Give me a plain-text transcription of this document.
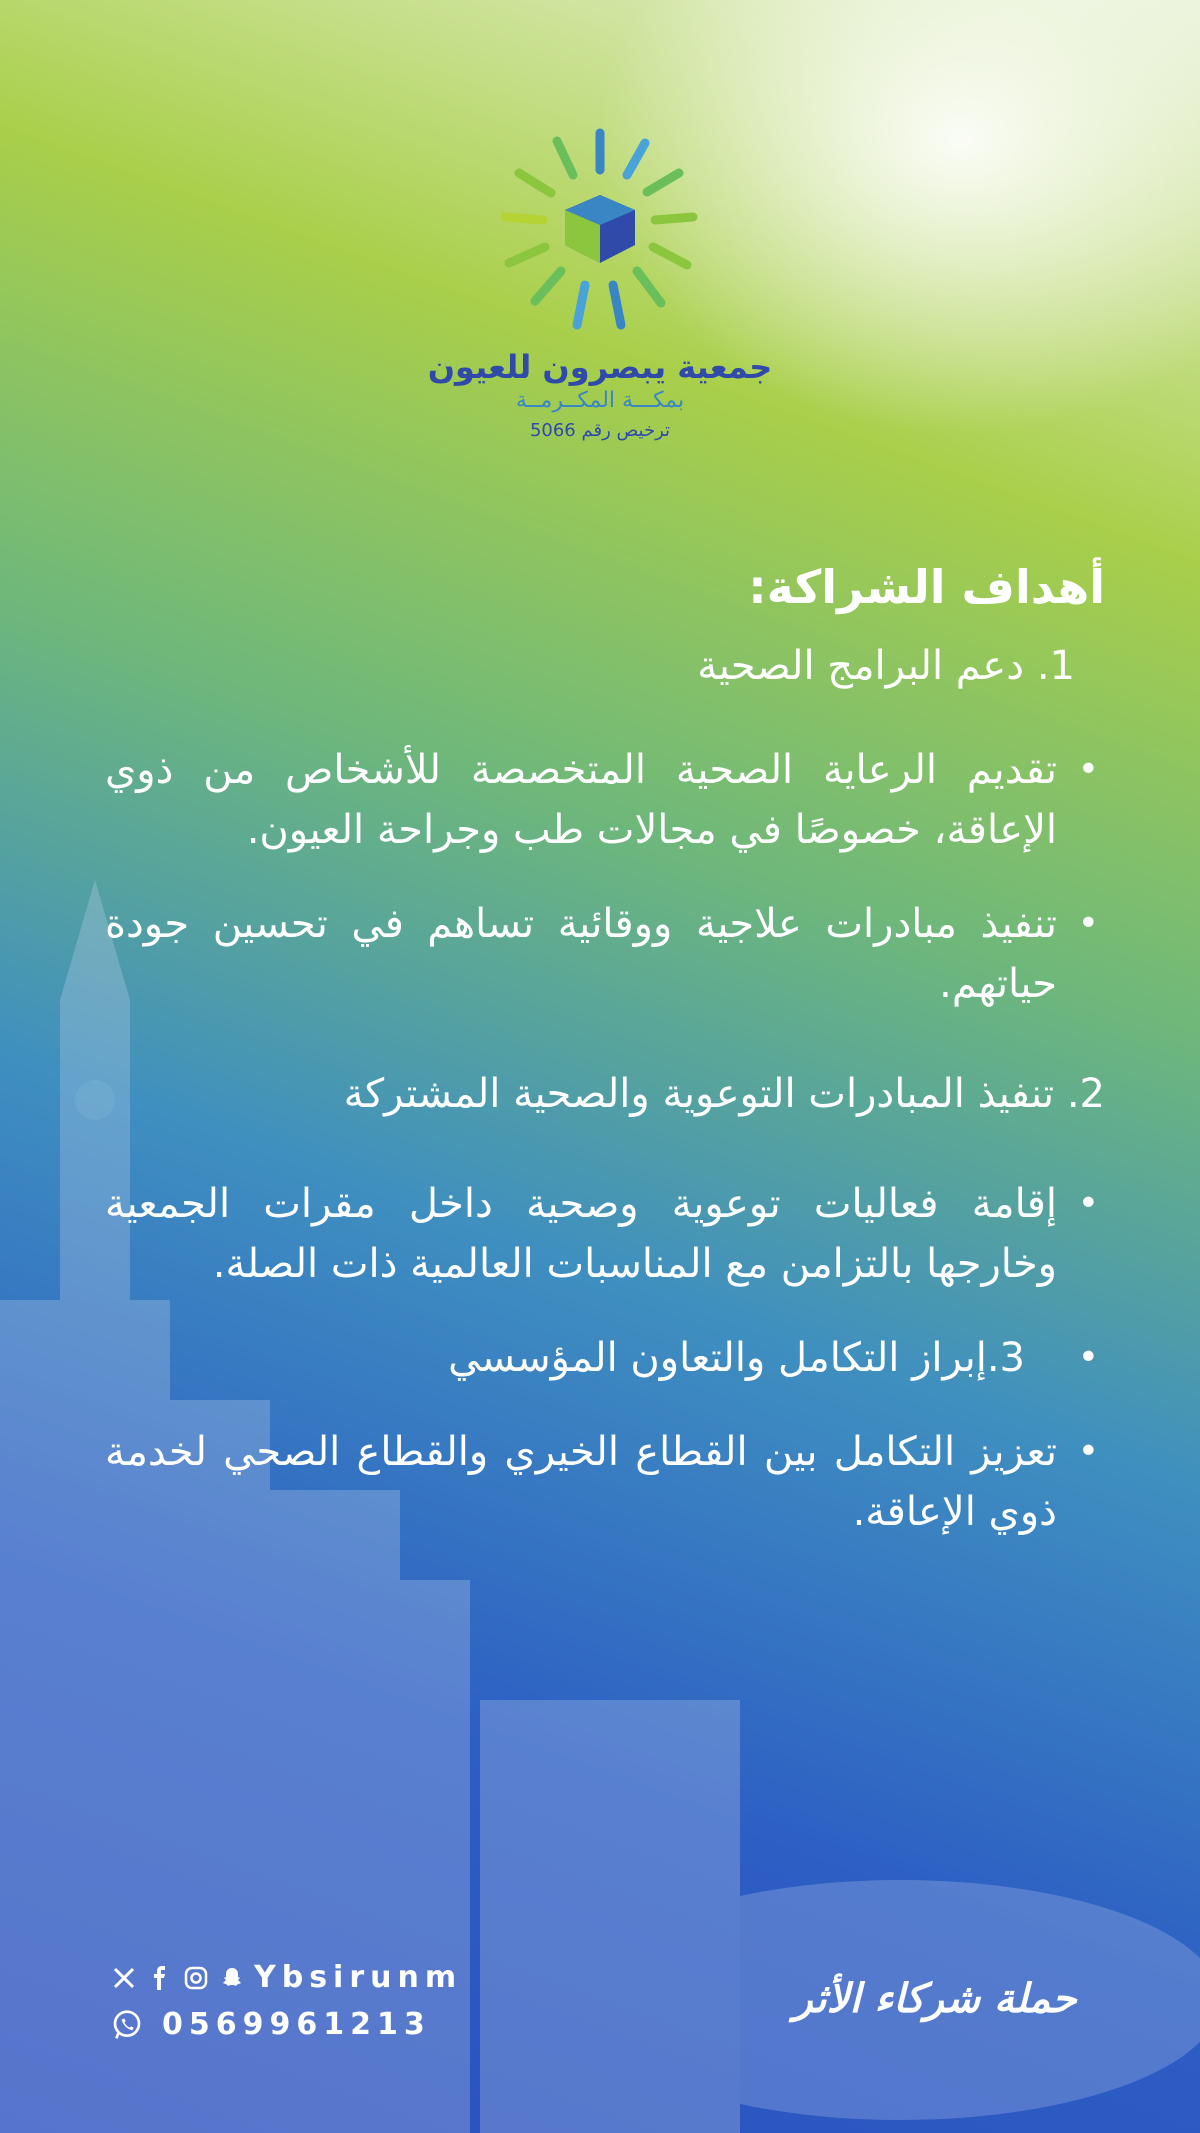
جمعية يبصرون للعيون
بمكـــة المكــرمــة
ترخيص رقم 5066

أهداف الشراكة:

1. دعم البرامج الصحية

• تقديم الرعاية الصحية المتخصصة للأشخاص من ذوي الإعاقة، خصوصًا في مجالات طب وجراحة العيون.

• تنفيذ مبادرات علاجية ووقائية تساهم في تحسين جودة حياتهم.

2. تنفيذ المبادرات التوعوية والصحية المشتركة

• إقامة فعاليات توعوية وصحية داخل مقرات الجمعية وخارجها بالتزامن مع المناسبات العالمية ذات الصلة.

• 3.إبراز التكامل والتعاون المؤسسي

• تعزيز التكامل بين القطاع الخيري والقطاع الصحي لخدمة ذوي الإعاقة.

Ybsirunm
0569961213
حملة شركاء الأثر
